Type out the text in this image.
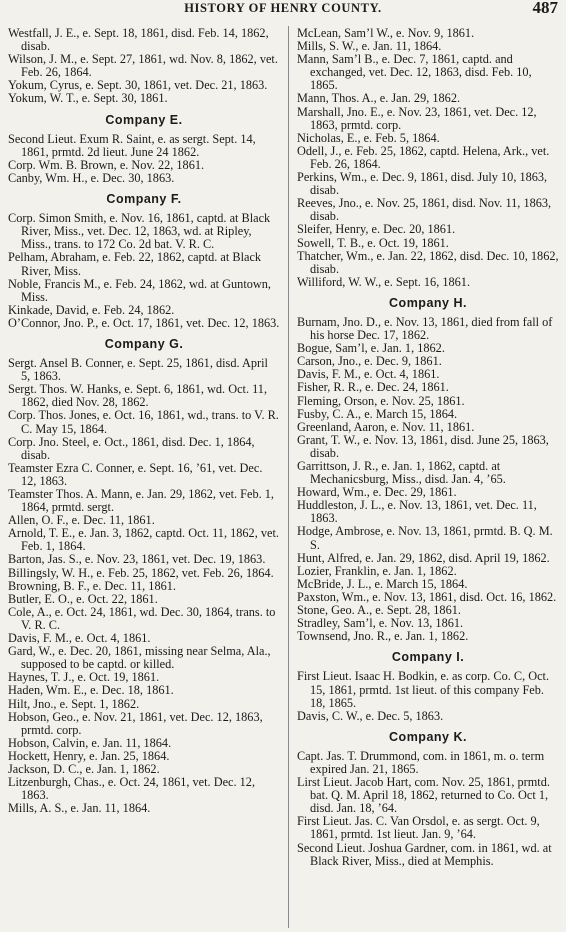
HISTORY OF HENRY COUNTY.	487
Westfall, J. E., e. Sept. 18, 1861, disd. Feb. 14, 1862, disab.
Wilson, J. M., e. Sept. 27, 1861, wd. Nov. 8, 1862, vet. Feb. 26, 1864.
Yokum, Cyrus, e. Sept. 30, 1861, vet. Dec. 21, 1863.
Yokum, W. T., e. Sept. 30, 1861.
Company E.
Second Lieut. Exum R. Saint, e. as sergt. Sept. 14, 1861, prmtd. 2d lieut. June 24 1862.
Corp. Wm. B. Brown, e. Nov. 22, 1861.
Canby, Wm. H., e. Dec. 30, 1863.
Company F.
Corp. Simon Smith, e. Nov. 16, 1861, captd. at Black River, Miss., vet. Dec. 12, 1863, wd. at Ripley, Miss., trans. to 172 Co. 2d bat. V. R. C.
Pelham, Abraham, e. Feb. 22, 1862, captd. at Black River, Miss.
Noble, Francis M., e. Feb. 24, 1862, wd. at Guntown, Miss.
Kinkade, David, e. Feb. 24, 1862.
O’Connor, Jno. P., e. Oct. 17, 1861, vet. Dec. 12, 1863.
Company G.
Sergt. Ansel B. Conner, e. Sept. 25, 1861, disd. April 5, 1863.
Sergt. Thos. W. Hanks, e. Sept. 6, 1861, wd. Oct. 11, 1862, died Nov. 28, 1862.
Corp. Thos. Jones, e. Oct. 16, 1861, wd., trans. to V. R. C. May 15, 1864.
Corp. Jno. Steel, e. Oct., 1861, disd. Dec. 1, 1864, disab.
Teamster Ezra C. Conner, e. Sept. 16, ’61, vet. Dec. 12, 1863.
Teamster Thos. A. Mann, e. Jan. 29, 1862, vet. Feb. 1, 1864, prmtd. sergt.
Allen, O. F., e. Dec. 11, 1861.
Arnold, T. E., e. Jan. 3, 1862, captd. Oct. 11, 1862, vet. Feb. 1, 1864.
Barton, Jas. S., e. Nov. 23, 1861, vet. Dec. 19, 1863.
Billingsly, W. H., e. Feb. 25, 1862, vet. Feb. 26, 1864.
Browning, B. F., e. Dec. 11, 1861.
Butler, E. O., e. Oct. 22, 1861.
Cole, A., e. Oct. 24, 1861, wd. Dec. 30, 1864, trans. to V. R. C.
Davis, F. M., e. Oct. 4, 1861.
Gard, W., e. Dec. 20, 1861, missing near Selma, Ala., supposed to be captd. or killed.
Haynes, T. J., e. Oct. 19, 1861.
Haden, Wm. E., e. Dec. 18, 1861.
Hilt, Jno., e. Sept. 1, 1862.
Hobson, Geo., e. Nov. 21, 1861, vet. Dec. 12, 1863, prmtd. corp.
Hobson, Calvin, e. Jan. 11, 1864.
Hockett, Henry, e. Jan. 25, 1864.
Jackson, D. C., e. Jan. 1, 1862.
Litzenburgh, Chas., e. Oct. 24, 1861, vet. Dec. 12, 1863.
Mills, A. S., e. Jan. 11, 1864.
McLean, Sam’l W., e. Nov. 9, 1861.
Mills, S. W., e. Jan. 11, 1864.
Mann, Sam’l B., e. Dec. 7, 1861, captd. and exchanged, vet. Dec. 12, 1863, disd. Feb. 10, 1865.
Mann, Thos. A., e. Jan. 29, 1862.
Marshall, Jno. E., e. Nov. 23, 1861, vet. Dec. 12, 1863, prmtd. corp.
Nicholas, E., e. Feb. 5, 1864.
Odell, J., e. Feb. 25, 1862, captd. Helena, Ark., vet. Feb. 26, 1864.
Perkins, Wm., e. Dec. 9, 1861, disd. July 10, 1863, disab.
Reeves, Jno., e. Nov. 25, 1861, disd. Nov. 11, 1863, disab.
Sleifer, Henry, e. Dec. 20, 1861.
Sowell, T. B., e. Oct. 19, 1861.
Thatcher, Wm., e. Jan. 22, 1862, disd. Dec. 10, 1862, disab.
Williford, W. W., e. Sept. 16, 1861.
Company H.
Burnam, Jno. D., e. Nov. 13, 1861, died from fall of his horse Dec. 17, 1862.
Bogue, Sam’l, e. Jan. 1, 1862.
Carson, Jno., e. Dec. 9, 1861.
Davis, F. M., e. Oct. 4, 1861.
Fisher, R. R., e. Dec. 24, 1861.
Fleming, Orson, e. Nov. 25, 1861.
Fusby, C. A., e. March 15, 1864.
Greenland, Aaron, e. Nov. 11, 1861.
Grant, T. W., e. Nov. 13, 1861, disd. June 25, 1863, disab.
Garrittson, J. R., e. Jan. 1, 1862, captd. at Mechanicsburg, Miss., disd. Jan. 4, ’65.
Howard, Wm., e. Dec. 29, 1861.
Huddleston, J. L., e. Nov. 13, 1861, vet. Dec. 11, 1863.
Hodge, Ambrose, e. Nov. 13, 1861, prmtd. B. Q. M. S.
Hunt, Alfred, e. Jan. 29, 1862, disd. April 19, 1862.
Lozier, Franklin, e. Jan. 1, 1862.
McBride, J. L., e. March 15, 1864.
Paxston, Wm., e. Nov. 13, 1861, disd. Oct. 16, 1862.
Stone, Geo. A., e. Sept. 28, 1861.
Stradley, Sam’l, e. Nov. 13, 1861.
Townsend, Jno. R., e. Jan. 1, 1862.
Company I.
First Lieut. Isaac H. Bodkin, e. as corp. Co. C, Oct. 15, 1861, prmtd. 1st lieut. of this company Feb. 18, 1865.
Davis, C. W., e. Dec. 5, 1863.
Company K.
Capt. Jas. T. Drummond, com. in 1861, m. o. term expired Jan. 21, 1865.
Lirst Lieut. Jacob Hart, com. Nov. 25, 1861, prmtd. bat. Q. M. April 18, 1862, returned to Co. Oct 1, disd. Jan. 18, ’64.
First Lieut. Jas. C. Van Orsdol, e. as sergt. Oct. 9, 1861, prmtd. 1st lieut. Jan. 9, ’64.
Second Lieut. Joshua Gardner, com. in 1861, wd. at Black River, Miss., died at Memphis.
